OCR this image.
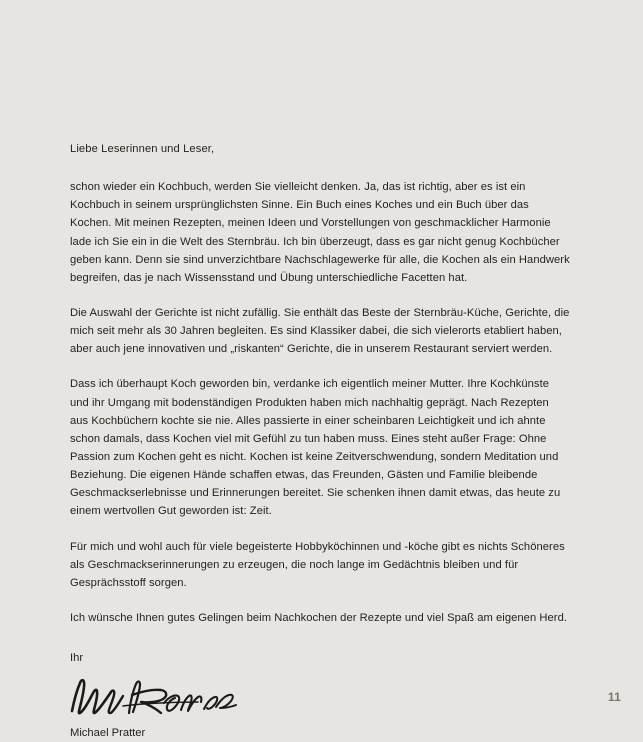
Liebe Leserinnen und Leser,

schon wieder ein Kochbuch, werden Sie vielleicht denken. Ja, das ist richtig, aber es ist ein Kochbuch in seinem ursprünglichsten Sinne. Ein Buch eines Koches und ein Buch über das Kochen. Mit meinen Rezepten, meinen Ideen und Vorstellungen von geschmacklicher Harmonie lade ich Sie ein in die Welt des Sternbräu. Ich bin überzeugt, dass es gar nicht genug Kochbücher geben kann. Denn sie sind unverzichtbare Nachschlagewerke für alle, die Kochen als ein Handwerk begreifen, das je nach Wissensstand und Übung unterschiedliche Facetten hat.

Die Auswahl der Gerichte ist nicht zufällig. Sie enthält das Beste der Sternbräu-Küche, Gerichte, die mich seit mehr als 30 Jahren begleiten. Es sind Klassiker dabei, die sich vielerorts etabliert haben, aber auch jene innovativen und „riskanten“ Gerichte, die in unserem Restaurant serviert werden.

Dass ich überhaupt Koch geworden bin, verdanke ich eigentlich meiner Mutter. Ihre Kochkünste und ihr Umgang mit bodenständigen Produkten haben mich nachhaltig geprägt. Nach Rezepten aus Kochbüchern kochte sie nie. Alles passierte in einer scheinbaren Leichtigkeit und ich ahnte schon damals, dass Kochen viel mit Gefühl zu tun haben muss. Eines steht außer Frage: Ohne Passion zum Kochen geht es nicht. Kochen ist keine Zeitverschwendung, sondern Meditation und Beziehung. Die eigenen Hände schaffen etwas, das Freunden, Gästen und Familie bleibende Geschmackserlebnisse und Erinnerungen bereitet. Sie schenken ihnen damit etwas, das heute zu einem wertvollen Gut geworden ist: Zeit.

Für mich und wohl auch für viele begeisterte Hobbyköchinnen und -köche gibt es nichts Schöneres als Geschmackserinnerungen zu erzeugen, die noch lange im Gedächtnis bleiben und für Gesprächsstoff sorgen.

Ich wünsche Ihnen gutes Gelingen beim Nachkochen der Rezepte und viel Spaß am eigenen Herd.

Ihr

Michael Pratter

11
